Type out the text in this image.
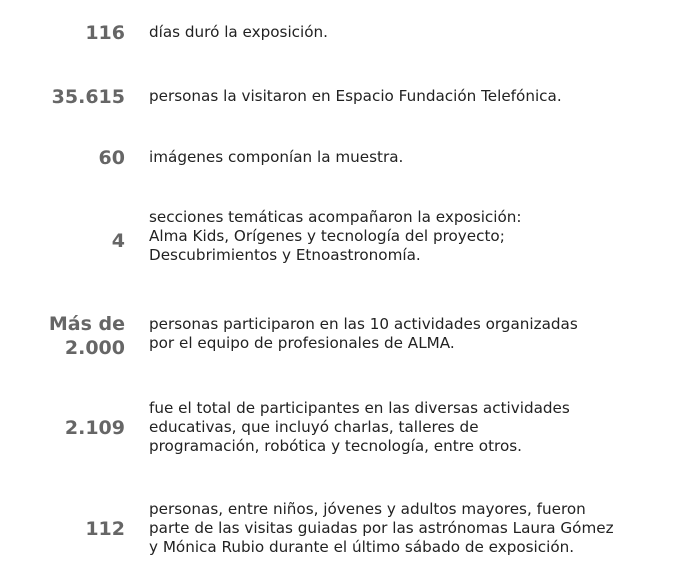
116 días duró la exposición.
35.615 personas la visitaron en Espacio Fundación Telefónica.
60 imágenes componían la muestra.
4
secciones temáticas acompañaron la exposición:
Alma Kids, Orígenes y tecnología del proyecto;
Descubrimientos y Etnoastronomía.
Más de
2.000
personas participaron en las 10 actividades organizadas
por el equipo de profesionales de ALMA.
2.109
fue el total de participantes en las diversas actividades
educativas, que incluyó charlas, talleres de
programación, robótica y tecnología, entre otros.
112
personas, entre niños, jóvenes y adultos mayores, fueron
parte de las visitas guiadas por las astrónomas Laura Gómez
y Mónica Rubio durante el último sábado de exposición.
